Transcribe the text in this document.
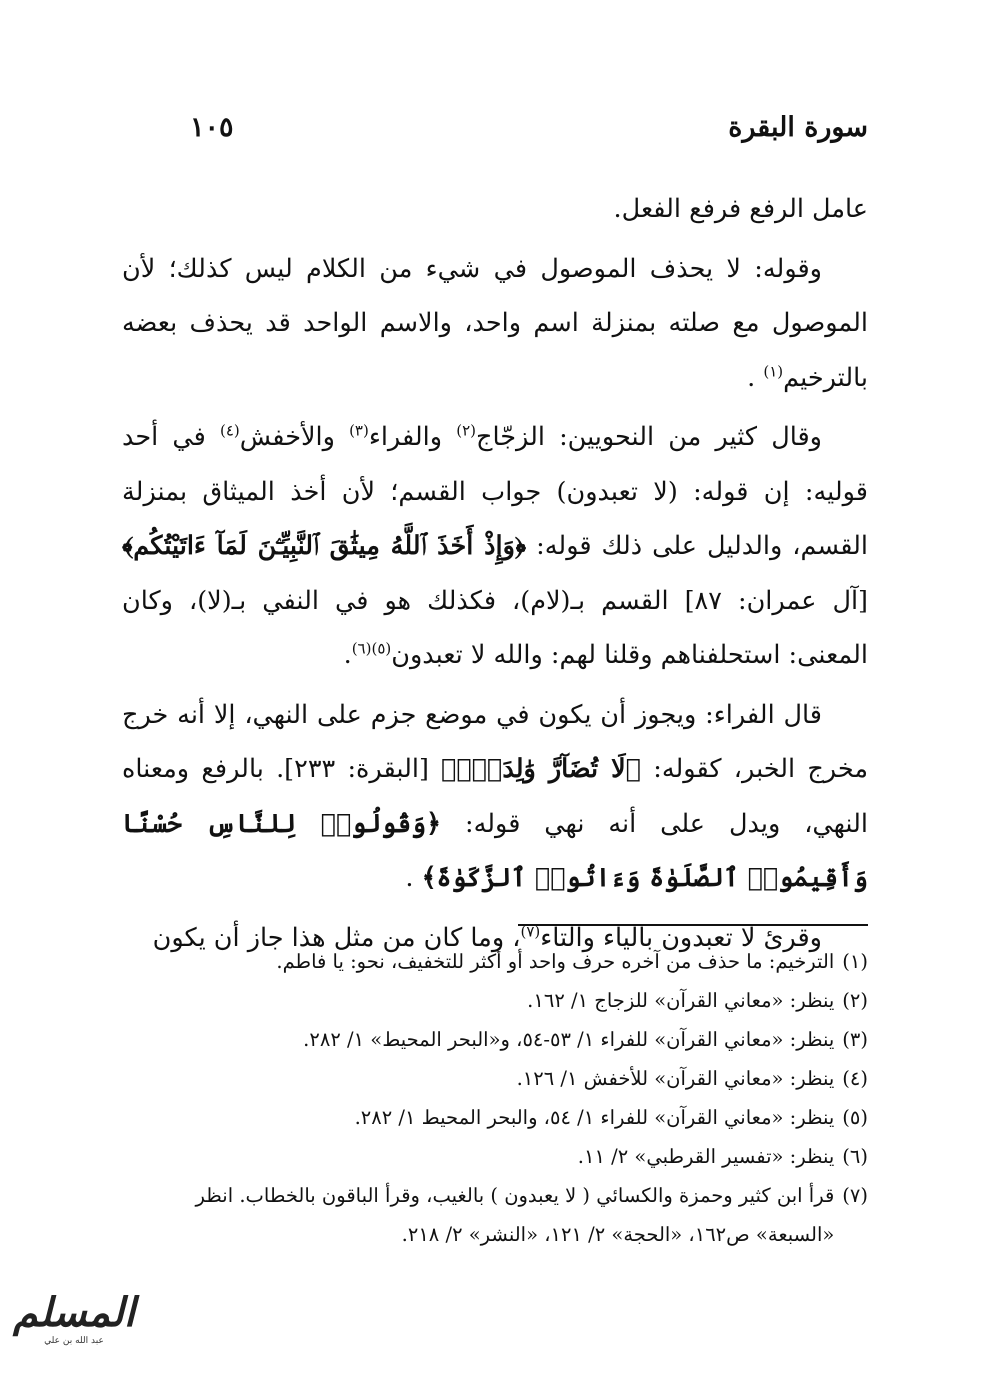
سورة البقرة
١٠٥

عامل الرفع فرفع الفعل.

وقوله: لا يحذف الموصول في شيء من الكلام ليس كذلك؛ لأن الموصول مع صلته بمنزلة اسم واحد، والاسم الواحد قد يحذف بعضه بالترخيم$^{(١)}$ .

وقال كثير من النحويين: الزجّاج$^{(٢)}$ والفراء$^{(٣)}$ والأخفش$^{(٤)}$ في أحد قوليه: إن قوله: (لا تعبدون) جواب القسم؛ لأن أخذ الميثاق بمنزلة القسم، والدليل على ذلك قوله: ﴿وَإِذْ أَخَذَ ٱللَّهُ مِيثَٰقَ ٱلنَّبِيِّـۧنَ لَمَآ ءَاتَيْتُكُم﴾ [آل عمران: ٨٧] القسم بـ(لام)، فكذلك هو في النفي بـ(لا)، وكان المعنى: استحلفناهم وقلنا لهم: والله لا تعبدون$^{(٥)(٦)}$.

قال الفراء: ويجوز أن يكون في موضع جزم على النهي، إلا أنه خرج مخرج الخبر، كقوله: ﴿لَا تُضَآرَّ وَٰلِدَةُۢ﴾ [البقرة: ٢٣٣]. بالرفع ومعناه النهي، ويدل على أنه نهي قوله: ﴿وَقُولُوا۟ لِلنَّاسِ حُسْنًا وَأَقِيمُوا۟ ٱلصَّلَوٰةَ وَءَاتُوا۟ ٱلزَّكَوٰةَ﴾ .

وقرئ لا تعبدون بالياء والتاء$^{(٧)}$، وما كان من مثل هذا جاز أن يكون

(١)
الترخيم: ما حذف من آخره حرف واحد أو أكثر للتخفيف، نحو: يا فاطم.

(٢)
ينظر: «معاني القرآن» للزجاج ١/ ١٦٢.

(٣)
ينظر: «معاني القرآن» للفراء ١/ ٥٣-٥٤، و«البحر المحيط» ١/ ٢٨٢.

(٤)
ينظر: «معاني القرآن» للأخفش ١/ ١٢٦.

(٥)
ينظر: «معاني القرآن» للفراء ١/ ٥٤، والبحر المحيط ١/ ٢٨٢.

(٦)
ينظر: «تفسير القرطبي» ٢/ ١١.

(٧)
قرأ ابن كثير وحمزة والكسائي ( لا يعبدون ) بالغيب، وقرأ الباقون بالخطاب. انظر «السبعة» ص١٦٢، «الحجة» ٢/ ١٢١، «النشر» ٢/ ٢١٨.

المسلم
عبد الله بن علي
